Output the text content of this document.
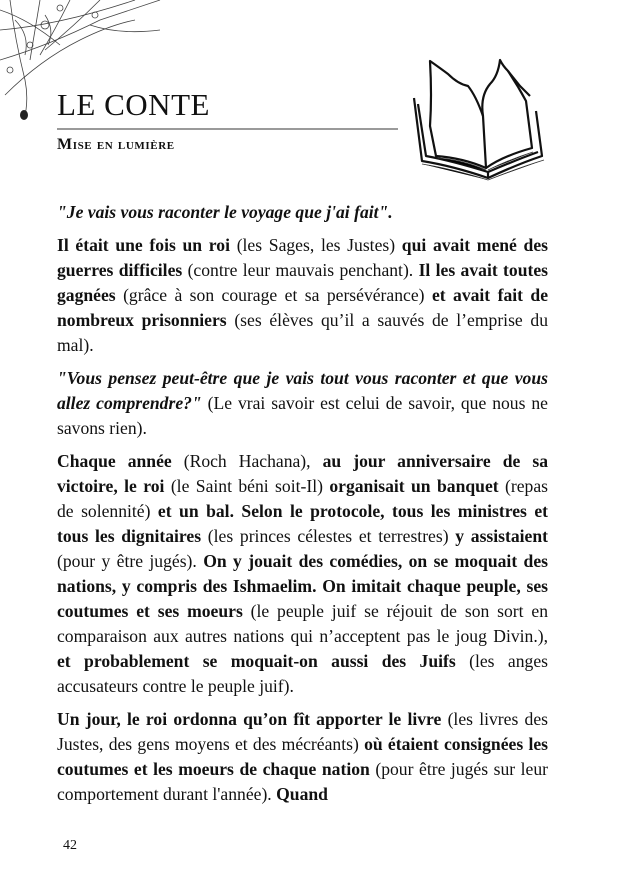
LE CONTE
Mise en lumière

"Je vais vous raconter le voyage que j'ai fait".

Il était une fois un roi (les Sages, les Justes) qui avait mené des guerres difficiles (contre leur mauvais penchant). Il les avait toutes gagnées (grâce à son courage et sa persévérance) et avait fait de nombreux prisonniers (ses élèves qu’il a sauvés de l’emprise du mal).

"Vous pensez peut-être que je vais tout vous raconter et que vous allez comprendre?" (Le vrai savoir est celui de savoir, que nous ne savons rien).

Chaque année (Roch Hachana), au jour anniversaire de sa victoire, le roi (le Saint béni soit-Il) organisait un banquet (repas de solennité) et un bal. Selon le protocole, tous les ministres et tous les dignitaires (les princes célestes et terrestres) y assistaient (pour y être jugés). On y jouait des comédies, on se moquait des nations, y compris des Ishmaelim. On imitait chaque peuple, ses coutumes et ses moeurs (le peuple juif se réjouit de son sort en comparaison aux autres nations qui n’acceptent pas le joug Divin.), et probablement se moquait-on aussi des Juifs (les anges accusateurs contre le peuple juif).

Un jour, le roi ordonna qu’on fît apporter le livre (les livres des Justes, des gens moyens et des mécréants) où étaient consignées les coutumes et les moeurs de chaque nation (pour être jugés sur leur comportement durant l'année). Quand

42
